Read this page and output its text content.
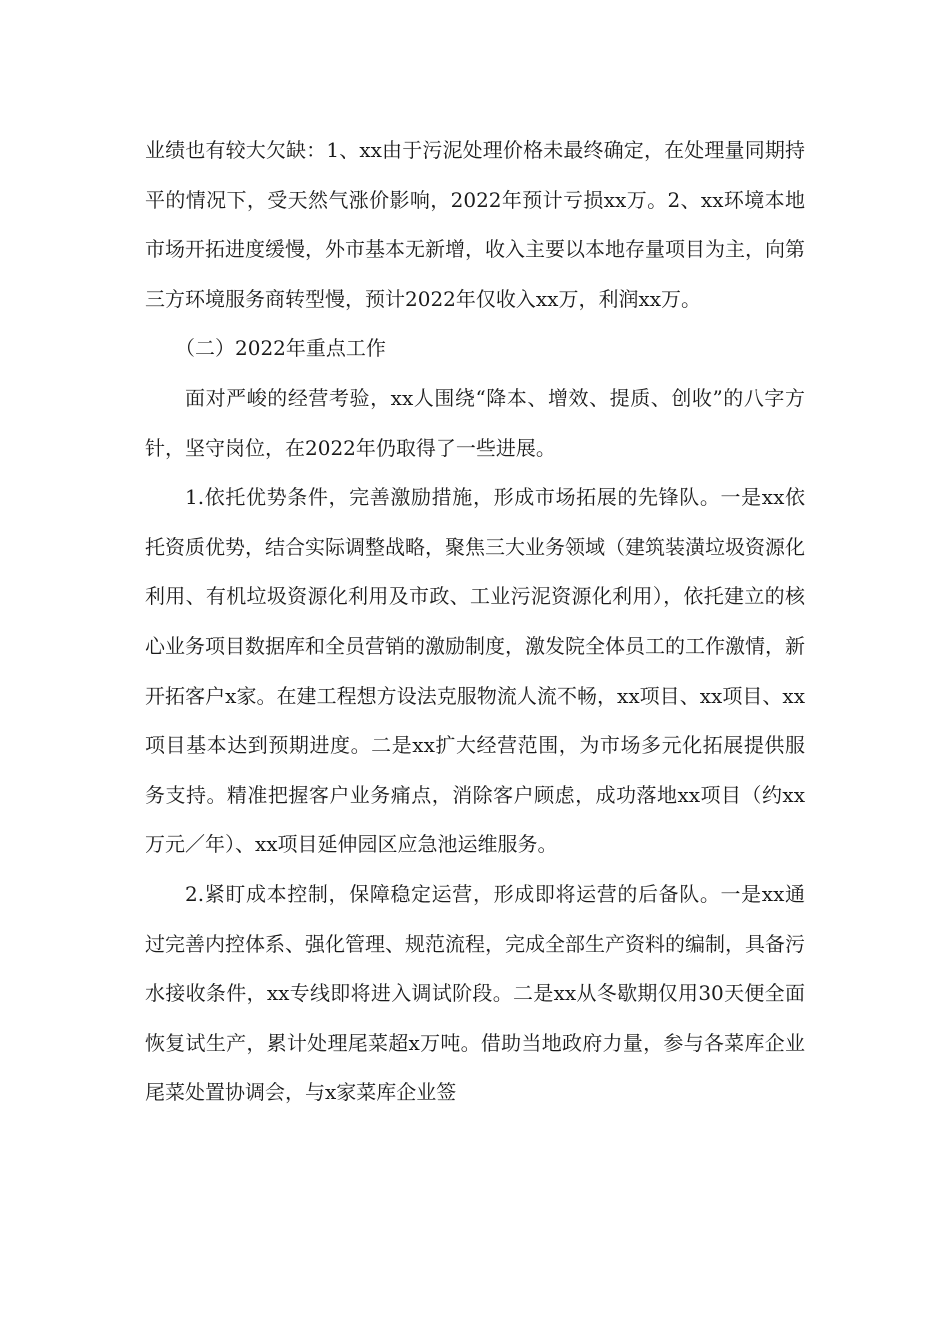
业绩也有较大欠缺：1、xx由于污泥处理价格未最终确定，在处理量同期持平的情况下，受天然气涨价影响，2022年预计亏损xx万。2、xx环境本地市场开拓进度缓慢，外市基本无新增，收入主要以本地存量项目为主，向第三方环境服务商转型慢，预计2022年仅收入xx万，利润xx万。

（二）2022年重点工作

面对严峻的经营考验，xx人围绕“降本、增效、提质、创收”的八字方针，坚守岗位，在2022年仍取得了一些进展。

1.依托优势条件，完善激励措施，形成市场拓展的先锋队。一是xx依托资质优势，结合实际调整战略，聚焦三大业务领域（建筑装潢垃圾资源化利用、有机垃圾资源化利用及市政、工业污泥资源化利用），依托建立的核心业务项目数据库和全员营销的激励制度，激发院全体员工的工作激情，新开拓客户x家。在建工程想方设法克服物流人流不畅，xx项目、xx项目、xx项目基本达到预期进度。二是xx扩大经营范围，为市场多元化拓展提供服务支持。精准把握客户业务痛点，消除客户顾虑，成功落地xx项目（约xx万元／年）、xx项目延伸园区应急池运维服务。

2.紧盯成本控制，保障稳定运营，形成即将运营的后备队。一是xx通过完善内控体系、强化管理、规范流程，完成全部生产资料的编制，具备污水接收条件，xx专线即将进入调试阶段。二是xx从冬歇期仅用30天便全面恢复试生产，累计处理尾菜超x万吨。借助当地政府力量，参与各菜库企业尾菜处置协调会，与x家菜库企业签
